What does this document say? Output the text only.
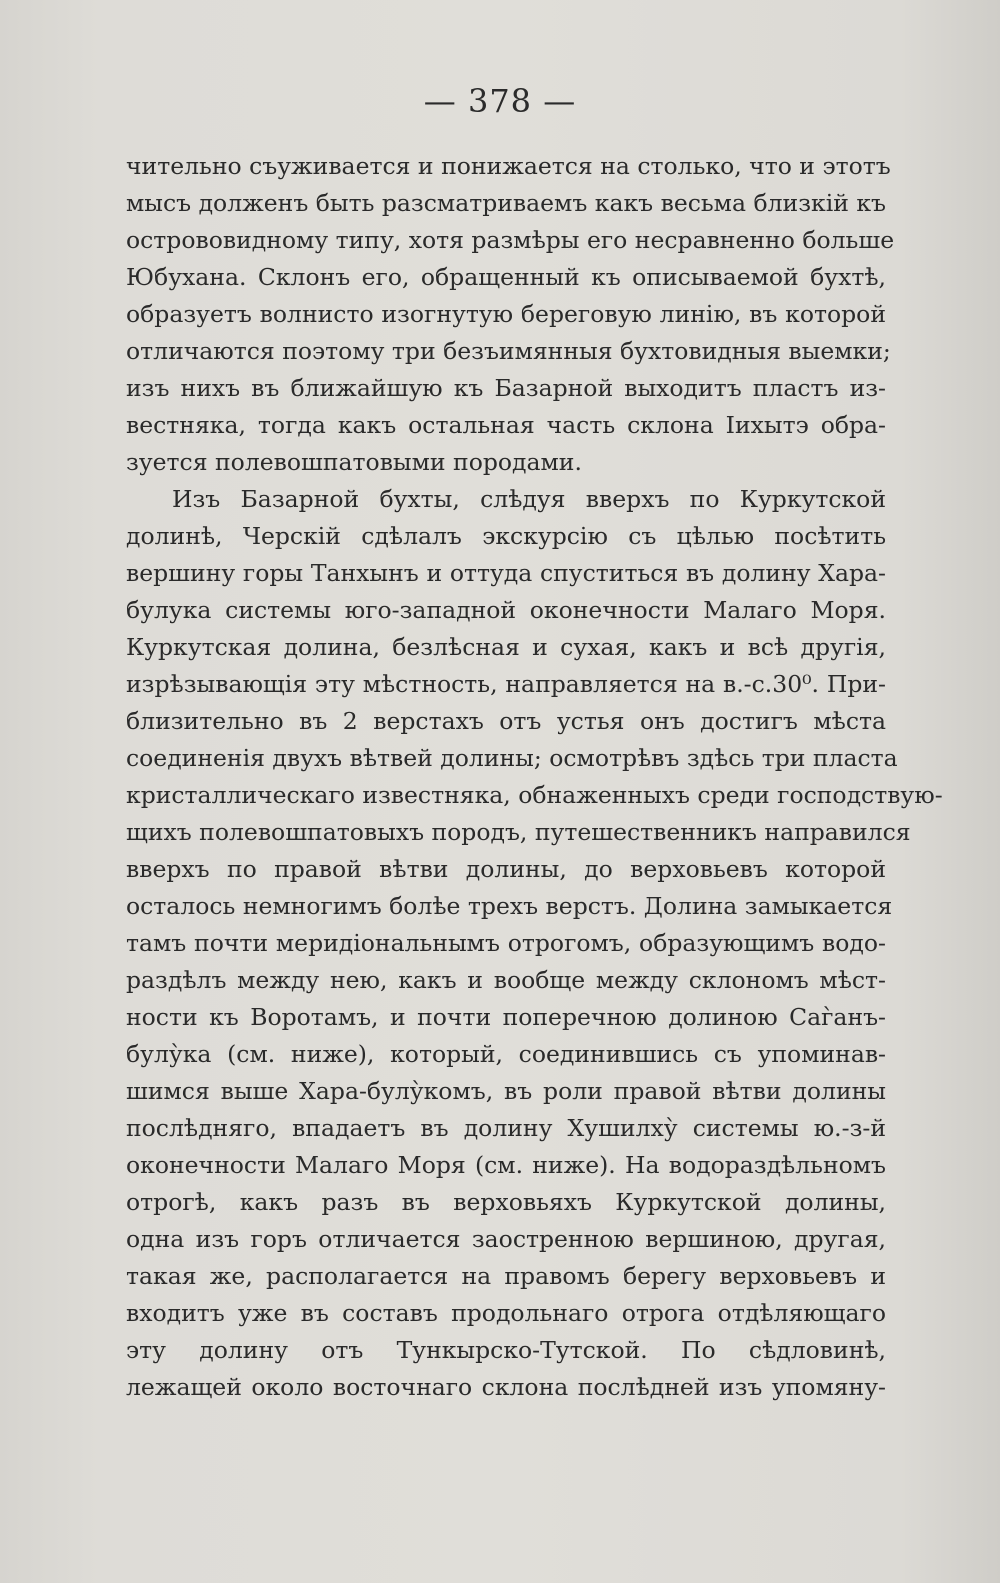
— 378 —
чительно съуживается и понижается на столько, что и этотъ
мысъ долженъ быть разсматриваемъ какъ весьма близкій къ
острововидному типу, хотя размѣры его несравненно больше
Юбухана. Склонъ его, обращенный къ описываемой бухтѣ,
образуетъ волнисто изогнутую береговую линію, въ которой
отличаются поэтому три безъимянныя бухтовидныя выемки;
изъ нихъ въ ближайшую къ Базарной выходитъ пластъ из-
вестняка, тогда какъ остальная часть склона Іихытэ обра-
зуется полевошпатовыми породами.
Изъ Базарной бухты, слѣдуя вверхъ по Куркутской
долинѣ, Черскій сдѣлалъ экскурсію съ цѣлью посѣтить
вершину горы Танхынъ и оттуда спуститься въ долину Хара-
булука системы юго-западной оконечности Малаго Моря.
Куркутская долина, безлѣсная и сухая, какъ и всѣ другія,
изрѣзывающія эту мѣстность, направляется на в.-с.30⁰. При-
близительно въ 2 верстахъ отъ устья онъ достигъ мѣста
соединенія двухъ вѣтвей долины; осмотрѣвъ здѣсь три пласта
кристаллическаго известняка, обнаженныхъ среди господствую-
щихъ полевошпатовыхъ породъ, путешественникъ направился
вверхъ по правой вѣтви долины, до верховьевъ которой
осталось немногимъ болѣе трехъ верстъ. Долина замыкается
тамъ почти меридіональнымъ отрогомъ, образующимъ водо-
раздѣлъ между нею, какъ и вообще между склономъ мѣст-
ности къ Воротамъ, и почти поперечною долиною Саг̀анъ-
булу̀ка (см. ниже), который, соединившись съ упоминав-
шимся выше Хара-булу̀комъ, въ роли правой вѣтви долины
послѣдняго, впадаетъ въ долину Хушилху̀ системы ю.-з-й
оконечности Малаго Моря (см. ниже). На водораздѣльномъ
отрогѣ, какъ разъ въ верховьяхъ Куркутской долины,
одна изъ горъ отличается заостренною вершиною, другая,
такая же, располагается на правомъ берегу верховьевъ и
входитъ уже въ составъ продольнаго отрога отдѣляющаго
эту долину отъ Тункырско-Тутской. По сѣдловинѣ,
лежащей около восточнаго склона послѣдней изъ упомяну-
